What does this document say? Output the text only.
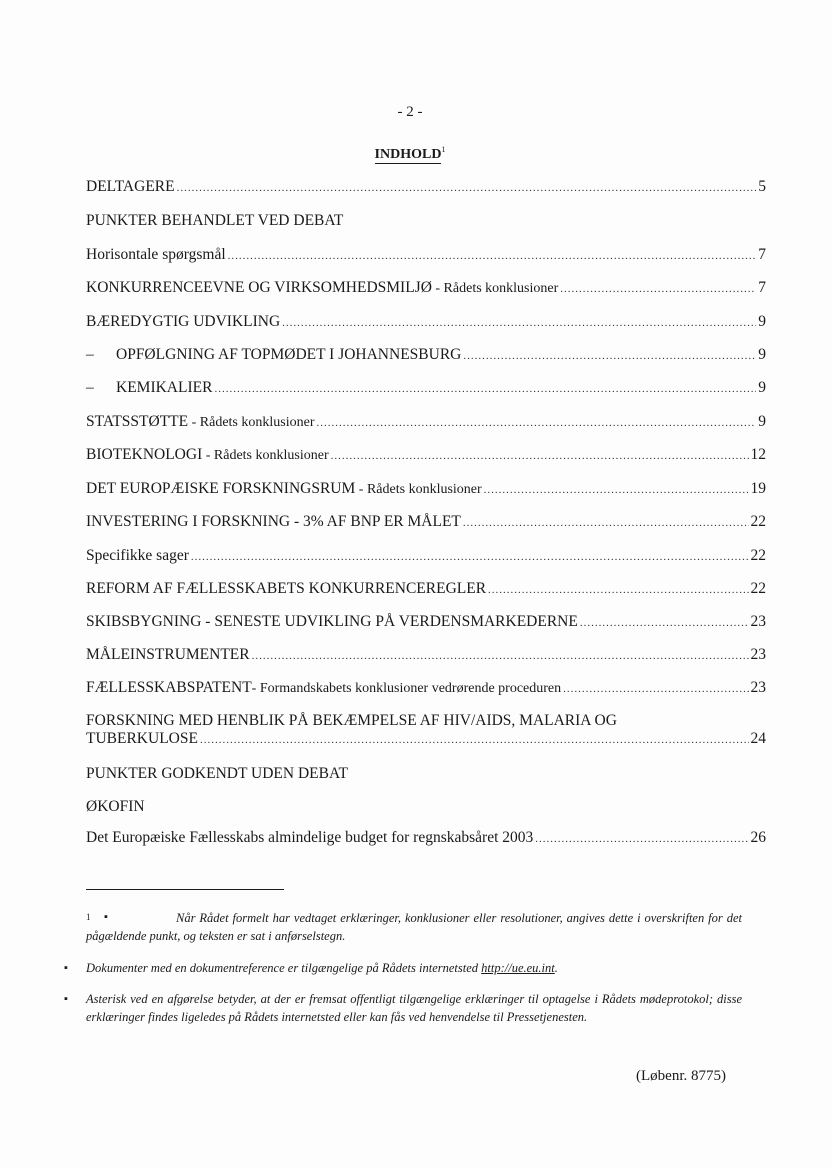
- 2 -
INDHOLD$^1$
DELTAGERE .....	5
PUNKTER BEHANDLET VED DEBAT
Horisontale spørgsmål .....	7
KONKURRENCEEVNE OG VIRKSOMHEDSMILJØ - Rådets konklusioner .....	7
BÆREDYGTIG UDVIKLING .....	9
– OPFØLGNING AF TOPMØDET I JOHANNESBURG .....	9
– KEMIKALIER .....	9
STATSSTØTTE - Rådets konklusioner .....	9
BIOTEKNOLOGI - Rådets konklusioner .....	12
DET EUROPÆISKE FORSKNINGSRUM - Rådets konklusioner .....	19
INVESTERING I FORSKNING - 3% AF BNP ER MÅLET .....	22
Specifikke sager .....	22
REFORM AF FÆLLESSKABETS KONKURRENCEREGLER .....	22
SKIBSBYGNING - SENESTE UDVIKLING PÅ VERDENSMARKEDERNE .....	23
MÅLEINSTRUMENTER .....	23
FÆLLESSKABSPATENT- Formandskabets konklusioner vedrørende proceduren .....	23
FORSKNING MED HENBLIK PÅ BEKÆMPELSE AF HIV/AIDS, MALARIA OG
TUBERKULOSE .....	24
PUNKTER GODKENDT UDEN DEBAT
ØKOFIN
Det Europæiske Fællesskabs almindelige budget for regnskabsåret 2003 .....	26
1 ▪	Når Rådet formelt har vedtaget erklæringer, konklusioner eller resolutioner, angives dette i overskriften for det pågældende punkt, og teksten er sat i anførselstegn.
▪ Dokumenter med en dokumentreference er tilgængelige på Rådets internetsted http://ue.eu.int.
▪ Asterisk ved en afgørelse betyder, at der er fremsat offentligt tilgængelige erklæringer til optagelse i Rådets mødeprotokol; disse erklæringer findes ligeledes på Rådets internetsted eller kan fås ved henvendelse til Pressetjenesten.
(Løbenr. 8775)
